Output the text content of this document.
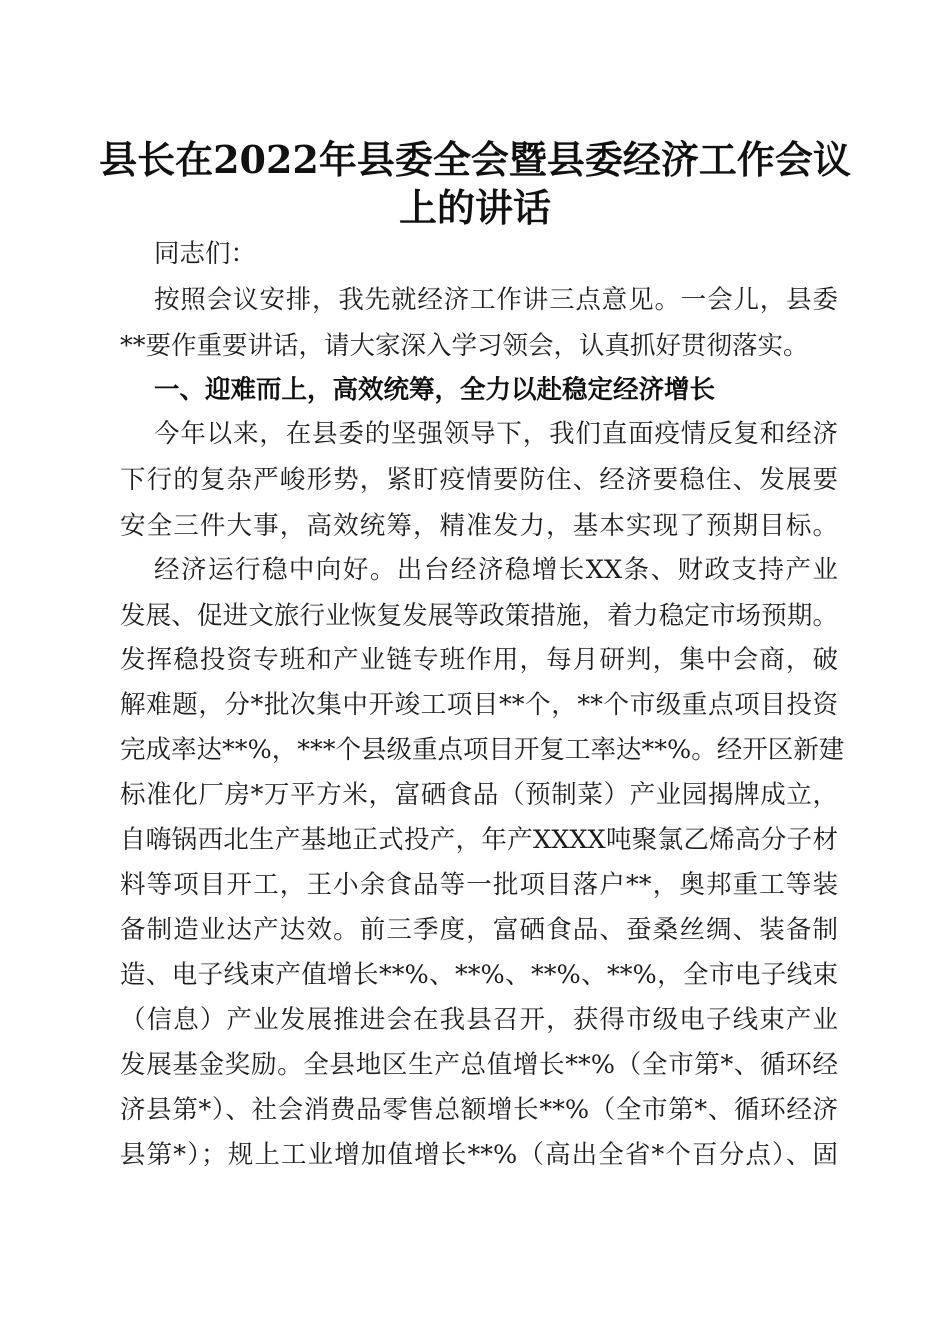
县长在2022年县委全会暨县委经济工作会议
上的讲话
同志们：
按照会议安排，我先就经济工作讲三点意见。一会儿，县委
**要作重要讲话，请大家深入学习领会，认真抓好贯彻落实。
一、迎难而上，高效统筹，全力以赴稳定经济增长
今年以来，在县委的坚强领导下，我们直面疫情反复和经济
下行的复杂严峻形势，紧盯疫情要防住、经济要稳住、发展要
安全三件大事，高效统筹，精准发力，基本实现了预期目标。
经济运行稳中向好。出台经济稳增长XX条、财政支持产业
发展、促进文旅行业恢复发展等政策措施，着力稳定市场预期。
发挥稳投资专班和产业链专班作用，每月研判，集中会商，破
解难题，分*批次集中开竣工项目**个，**个市级重点项目投资
完成率达**%，***个县级重点项目开复工率达**%。经开区新建
标准化厂房*万平方米，富硒食品（预制菜）产业园揭牌成立，
自嗨锅西北生产基地正式投产，年产XXXX吨聚氯乙烯高分子材
料等项目开工，王小余食品等一批项目落户**，奥邦重工等装
备制造业达产达效。前三季度，富硒食品、蚕桑丝绸、装备制
造、电子线束产值增长**%、**%、**%、**%，全市电子线束
（信息）产业发展推进会在我县召开，获得市级电子线束产业
发展基金奖励。全县地区生产总值增长**%（全市第*、循环经
济县第*）、社会消费品零售总额增长**%（全市第*、循环经济
县第*）；规上工业增加值增长**%（高出全省*个百分点）、固
